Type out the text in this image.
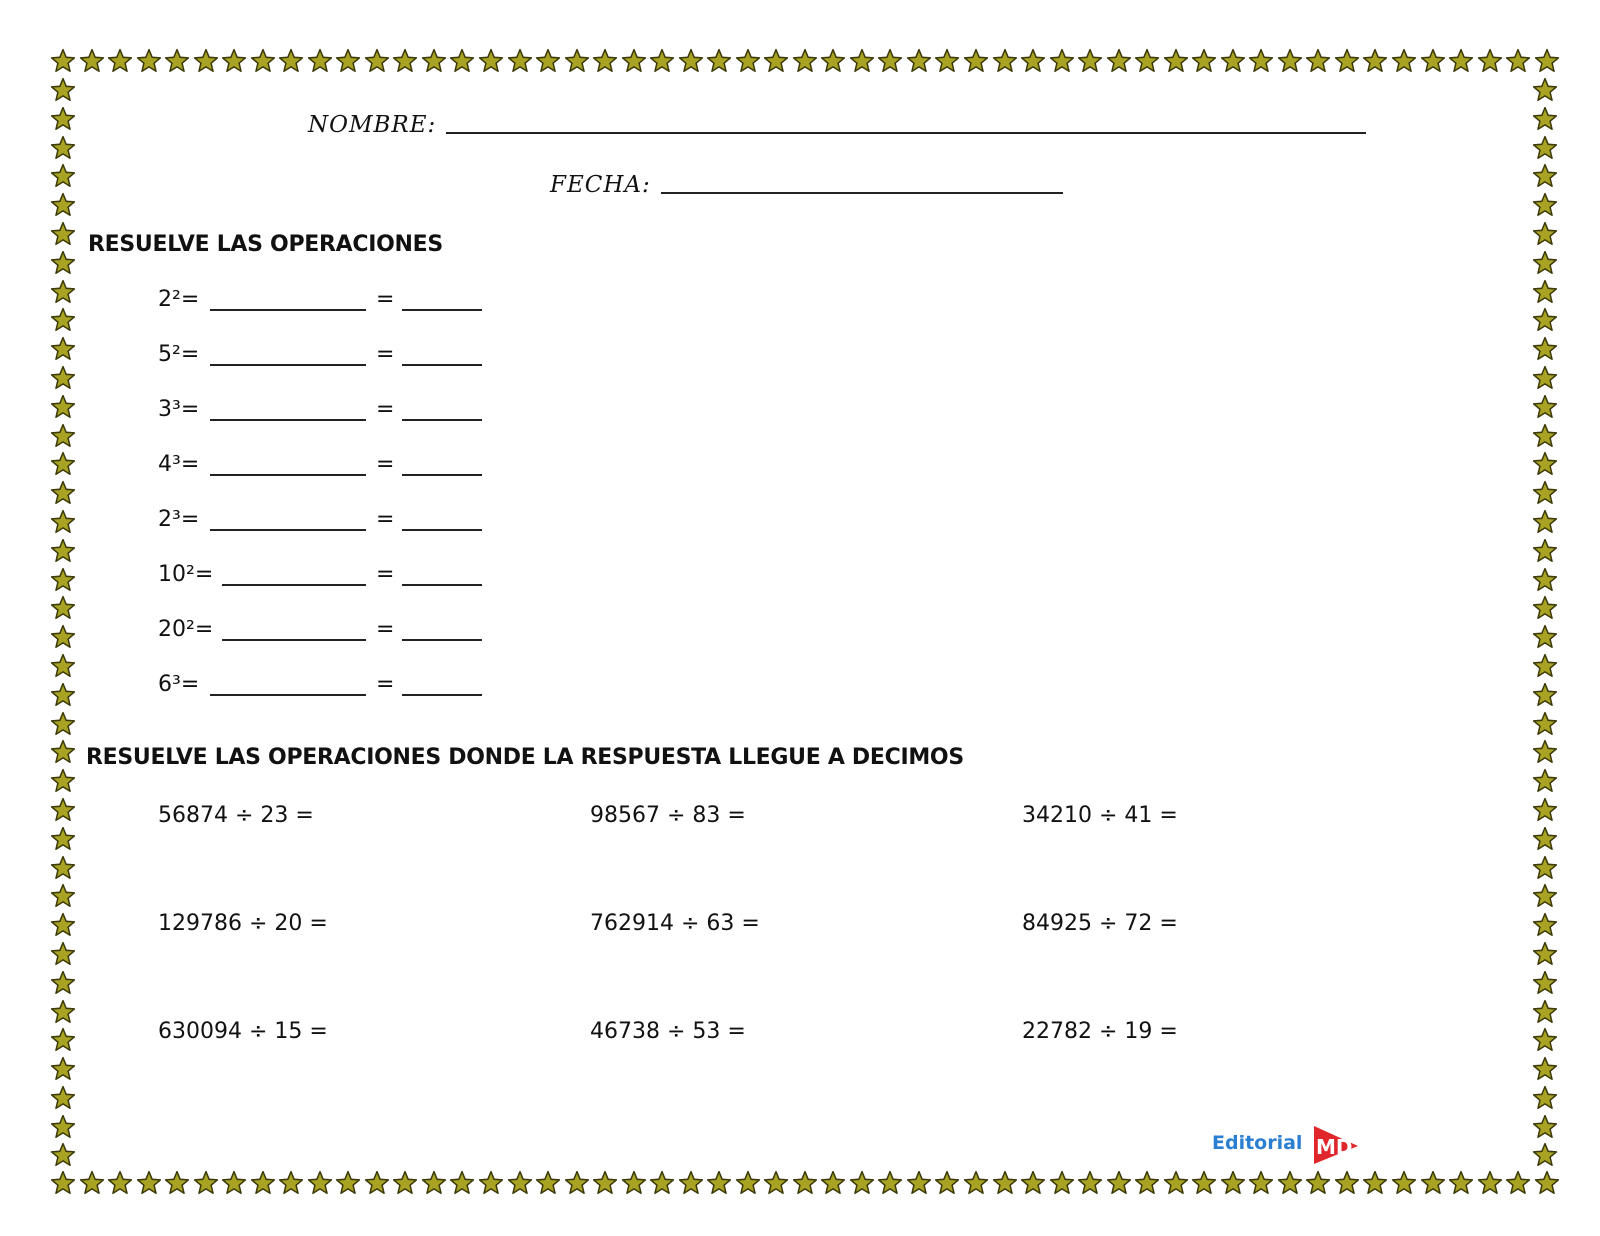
NOMBRE:
FECHA:
RESUELVE LAS OPERACIONES
2²=	=
5²=	=
3³=	=
4³=	=
2³=	=
10²=	=
20²=	=
6³=	=
RESUELVE LAS OPERACIONES DONDE LA RESPUESTA LLEGUE A DECIMOS
56874 ÷ 23 =	98567 ÷ 83 =	34210 ÷ 41 =
129786 ÷ 20 =	762914 ÷ 63 =	84925 ÷ 72 =
630094 ÷ 15 =	46738 ÷ 53 =	22782 ÷ 19 =
Editorial MD
